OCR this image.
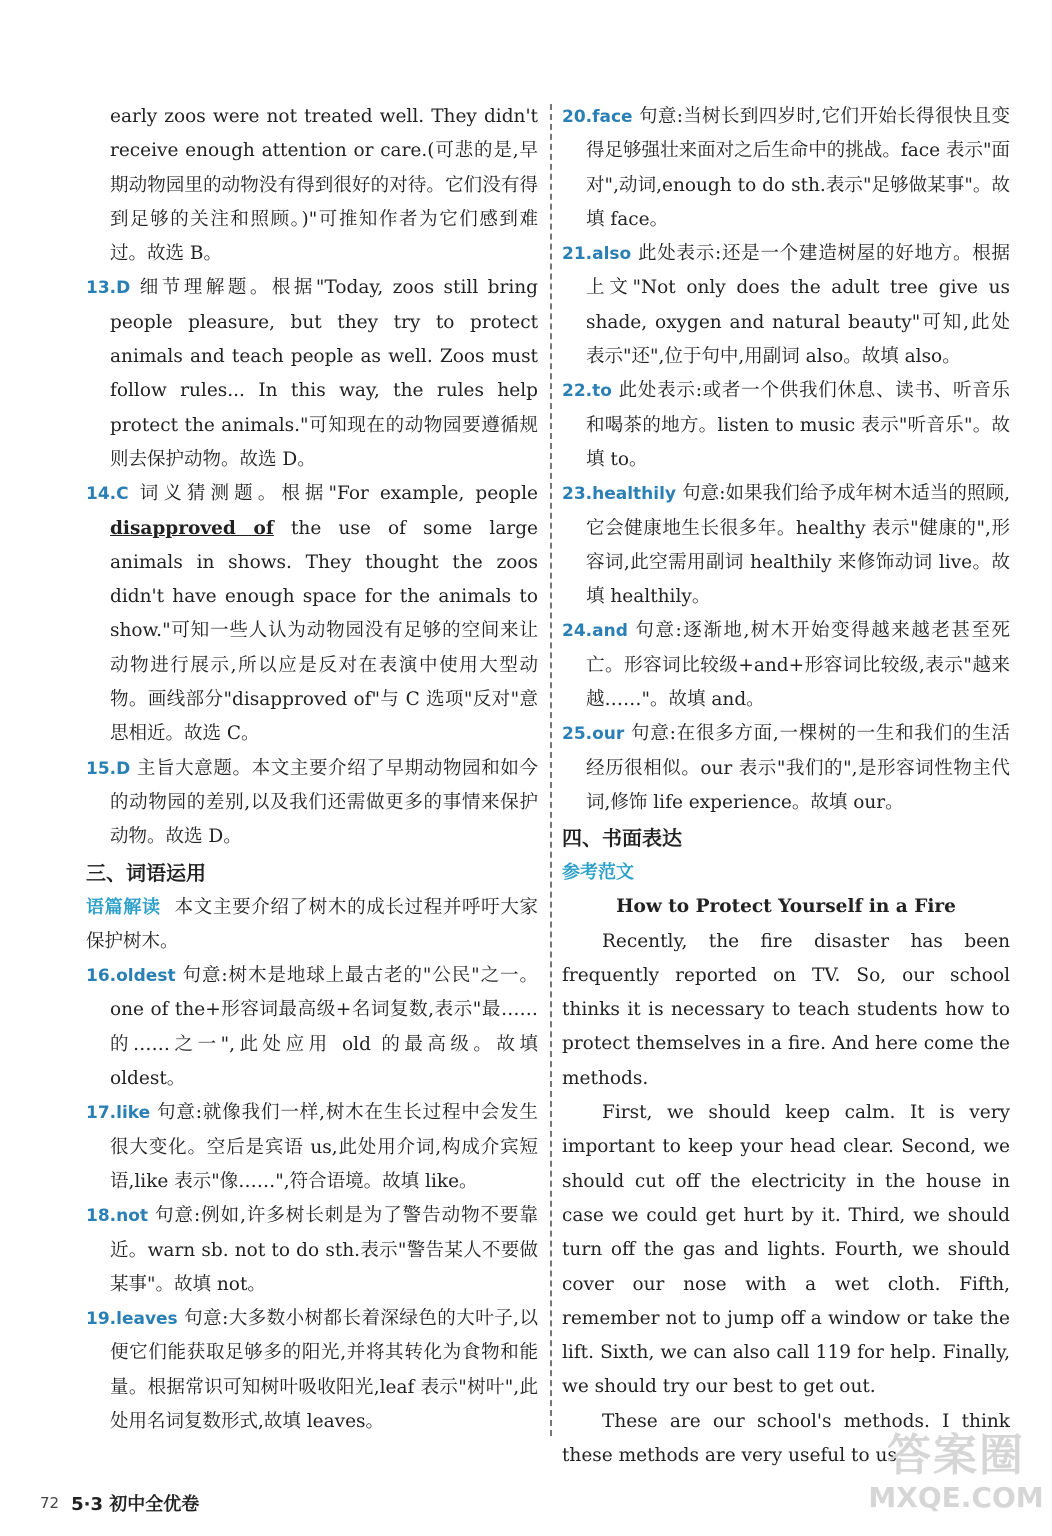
early zoos were not treated well. They didn't receive enough attention or care.(可悲的是,早期动物园里的动物没有得到很好的对待。它们没有得到足够的关注和照顾。)"可推知作者为它们感到难过。故选 B。

13.D 细节理解题。根据"Today, zoos still bring people pleasure, but they try to protect animals and teach people as well. Zoos must follow rules... In this way, the rules help protect the animals."可知现在的动物园要遵循规则去保护动物。故选 D。

14.C 词义猜测题。根据"For example, people disapproved of the use of some large animals in shows. They thought the zoos didn't have enough space for the animals to show."可知一些人认为动物园没有足够的空间来让动物进行展示,所以应是反对在表演中使用大型动物。画线部分"disapproved of"与 C 选项"反对"意思相近。故选 C。

15.D 主旨大意题。本文主要介绍了早期动物园和如今的动物园的差别,以及我们还需做更多的事情来保护动物。故选 D。

三、词语运用

语篇解读 本文主要介绍了树木的成长过程并呼吁大家保护树木。

16.oldest 句意:树木是地球上最古老的"公民"之一。one of the+形容词最高级+名词复数,表示"最……的……之一",此处应用 old 的最高级。故填 oldest。

17.like 句意:就像我们一样,树木在生长过程中会发生很大变化。空后是宾语 us,此处用介词,构成介宾短语,like 表示"像……",符合语境。故填 like。

18.not 句意:例如,许多树长刺是为了警告动物不要靠近。warn sb. not to do sth.表示"警告某人不要做某事"。故填 not。

19.leaves 句意:大多数小树都长着深绿色的大叶子,以便它们能获取足够多的阳光,并将其转化为食物和能量。根据常识可知树叶吸收阳光,leaf 表示"树叶",此处用名词复数形式,故填 leaves。

20.face 句意:当树长到四岁时,它们开始长得很快且变得足够强壮来面对之后生命中的挑战。face 表示"面对",动词,enough to do sth.表示"足够做某事"。故填 face。

21.also 此处表示:还是一个建造树屋的好地方。根据上文"Not only does the adult tree give us shade, oxygen and natural beauty"可知,此处表示"还",位于句中,用副词 also。故填 also。

22.to 此处表示:或者一个供我们休息、读书、听音乐和喝茶的地方。listen to music 表示"听音乐"。故填 to。

23.healthily 句意:如果我们给予成年树木适当的照顾,它会健康地生长很多年。healthy 表示"健康的",形容词,此空需用副词 healthily 来修饰动词 live。故填 healthily。

24.and 句意:逐渐地,树木开始变得越来越老甚至死亡。形容词比较级+and+形容词比较级,表示"越来越……"。故填 and。

25.our 句意:在很多方面,一棵树的一生和我们的生活经历很相似。our 表示"我们的",是形容词性物主代词,修饰 life experience。故填 our。

四、书面表达

参考范文

How to Protect Yourself in a Fire

Recently, the fire disaster has been frequently reported on TV. So, our school thinks it is necessary to teach students how to protect themselves in a fire. And here come the methods.

First, we should keep calm. It is very important to keep your head clear. Second, we should cut off the electricity in the house in case we could get hurt by it. Third, we should turn off the gas and lights. Fourth, we should cover our nose with a wet cloth. Fifth, remember not to jump off a window or take the lift. Sixth, we can also call 119 for help. Finally, we should try our best to get out.

These are our school's methods. I think these methods are very useful to us.

72 5·3 初中全优卷
答案圈
MXQE.COM
